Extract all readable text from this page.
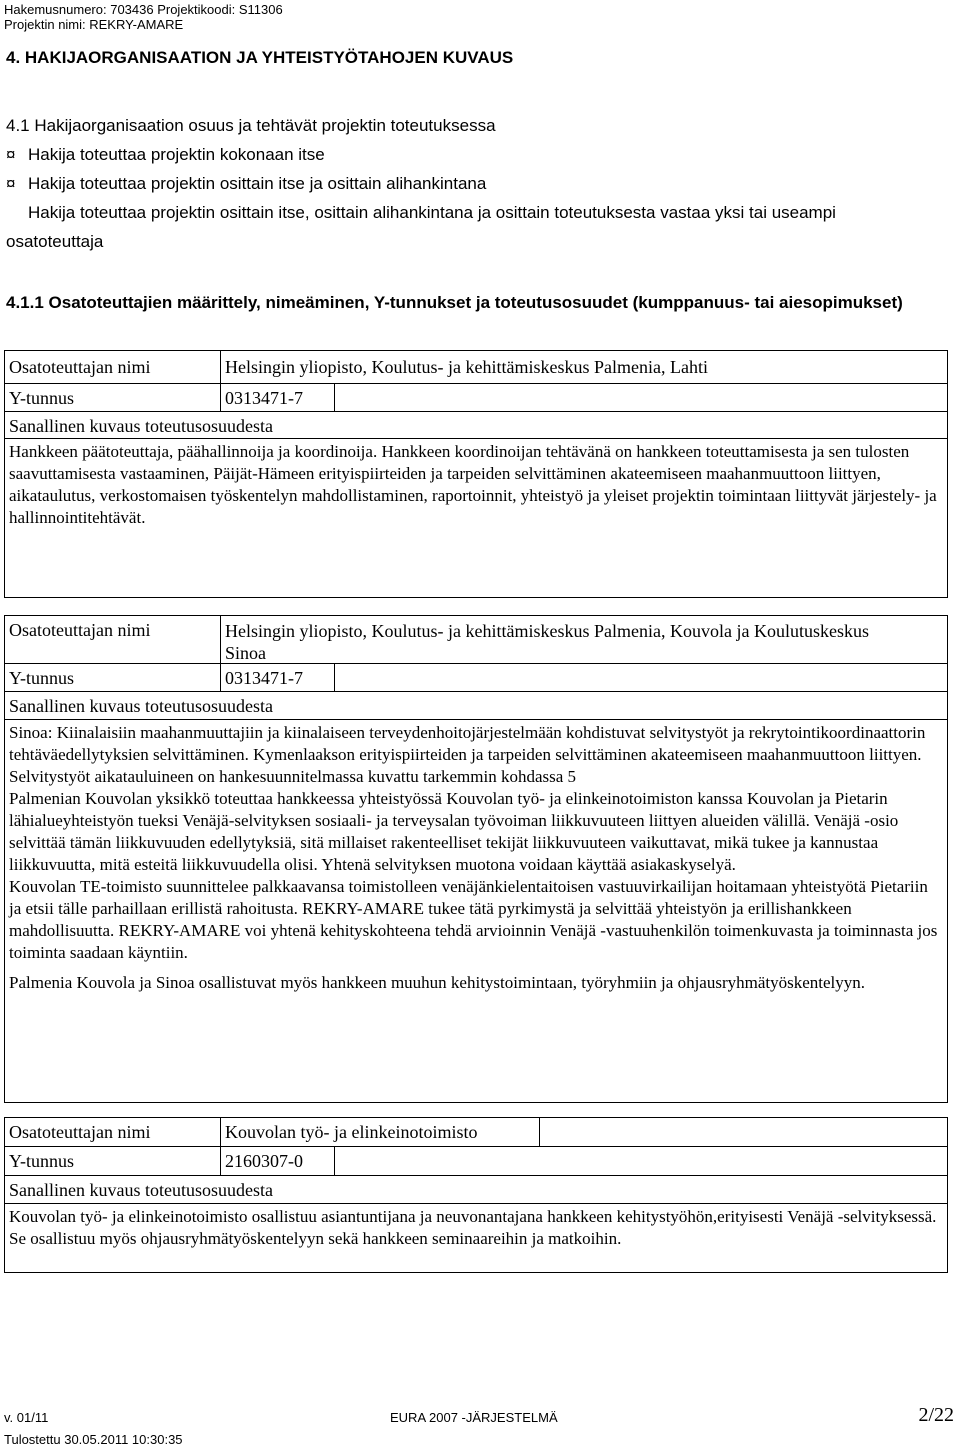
Hakemusnumero: 703436 Projektikoodi: S11306
Projektin nimi: REKRY-AMARE
4. HAKIJAORGANISAATION JA YHTEISTYÖTAHOJEN KUVAUS
4.1 Hakijaorganisaation osuus ja tehtävät projektin toteutuksessa
¤ Hakija toteuttaa projektin kokonaan itse
¤ Hakija toteuttaa projektin osittain itse ja osittain alihankintana
Hakija toteuttaa projektin osittain itse, osittain alihankintana ja osittain toteutuksesta vastaa yksi tai useampi osatoteuttaja
4.1.1 Osatoteuttajien määrittely, nimeäminen, Y-tunnukset ja toteutusosuudet (kumppanuus- tai aiesopimukset)
Osatoteuttajan nimi	Helsingin yliopisto, Koulutus- ja kehittämiskeskus Palmenia, Lahti
Y-tunnus	0313471-7
Sanallinen kuvaus toteutusosuudesta

Hankkeen päätoteuttaja, päähallinnoija ja koordinoija. Hankkeen koordinoijan tehtävänä on hankkeen toteuttamisesta ja sen tulosten saavuttamisesta vastaaminen, Päijät-Hämeen erityispiirteiden ja tarpeiden selvittäminen akateemiseen maahanmuuttoon liittyen, aikataulutus, verkostomaisen työskentelyn mahdollistaminen, raportoinnit, yhteistyö ja yleiset projektin toimintaan liittyvät järjestely- ja hallinnointitehtävät.

Osatoteuttajan nimi	Helsingin yliopisto, Koulutus- ja kehittämiskeskus Palmenia, Kouvola ja Koulutuskeskus Sinoa
Y-tunnus	0313471-7
Sanallinen kuvaus toteutusosuudesta

Sinoa: Kiinalaisiin maahanmuuttajiin ja kiinalaiseen terveydenhoitojärjestelmään kohdistuvat selvitystyöt ja rekrytointikoordinaattorin tehtäväedellytyksien selvittäminen. Kymenlaakson erityispiirteiden ja tarpeiden selvittäminen akateemiseen maahanmuuttoon liittyen. Selvitystyöt aikatauluineen on hankesuunnitelmassa kuvattu tarkemmin kohdassa 5

Palmenian Kouvolan yksikkö toteuttaa hankkeessa yhteistyössä Kouvolan työ- ja elinkeinotoimiston kanssa Kouvolan ja Pietarin lähialueyhteistyön tueksi Venäjä-selvityksen sosiaali- ja terveysalan työvoiman liikkuvuuteen liittyen alueiden välillä. Venäjä -osio selvittää tämän liikkuvuuden edellytyksiä, sitä millaiset rakenteelliset tekijät liikkuvuuteen vaikuttavat, mikä tukee ja kannustaa liikkuvuutta, mitä esteitä liikkuvuudella olisi. Yhtenä selvityksen muotona voidaan käyttää asiakaskyselyä.

Kouvolan TE-toimisto suunnittelee palkkaavansa toimistolleen venäjänkielentaitoisen vastuuvirkailijan hoitamaan yhteistyötä Pietariin ja etsii tälle parhaillaan erillistä rahoitusta. REKRY-AMARE tukee tätä pyrkimystä ja selvittää yhteistyön ja erillishankkeen mahdollisuutta. REKRY-AMARE voi yhtenä kehityskohteena tehdä arvioinnin Venäjä -vastuuhenkilön toimenkuvasta ja toiminnasta jos toiminta saadaan käyntiin.

Palmenia Kouvola ja Sinoa osallistuvat myös hankkeen muuhun kehitystoimintaan, työryhmiin ja ohjausryhmätyöskentelyyn.

Osatoteuttajan nimi	Kouvolan työ- ja elinkeinotoimisto
Y-tunnus	2160307-0
Sanallinen kuvaus toteutusosuudesta

Kouvolan työ- ja elinkeinotoimisto osallistuu asiantuntijana ja neuvonantajana hankkeen kehitystyöhön,erityisesti Venäjä -selvityksessä. Se osallistuu myös ohjausryhmätyöskentelyyn sekä hankkeen seminaareihin ja matkoihin.

v. 01/11
Tulostettu 30.05.2011 10:30:35
EURA 2007 -JÄRJESTELMÄ	2/22
